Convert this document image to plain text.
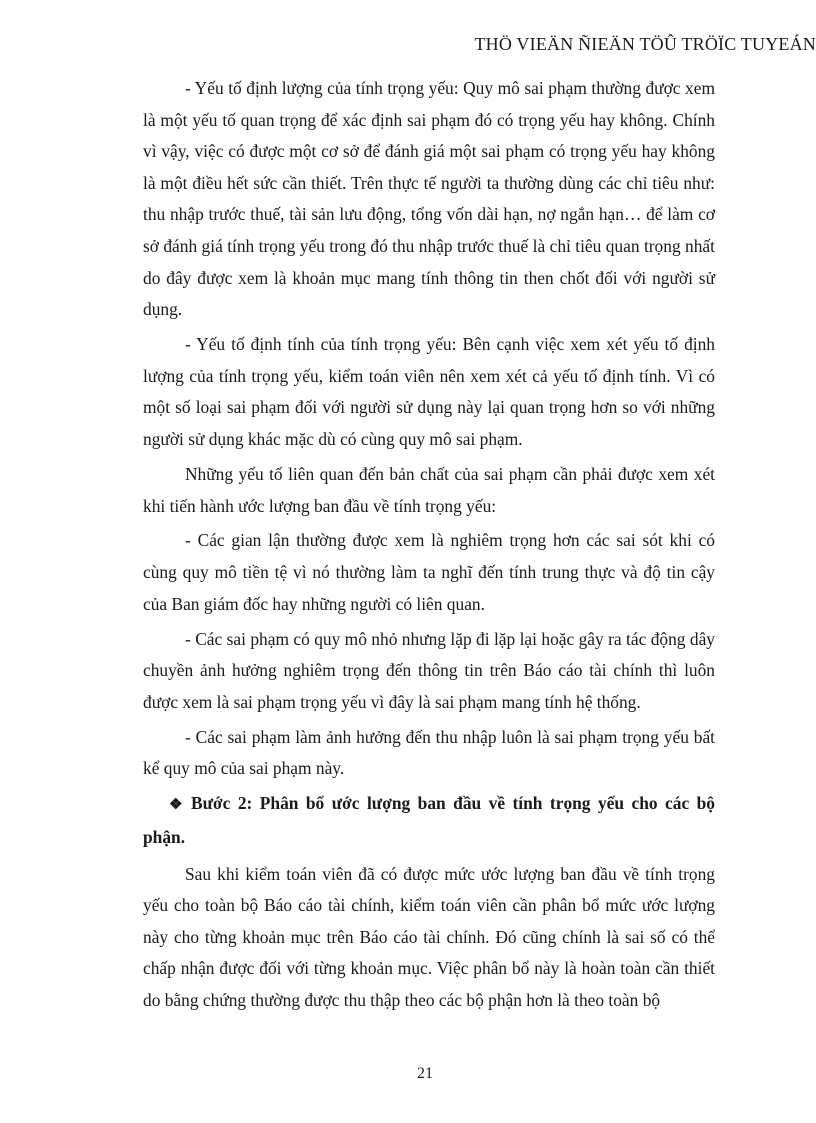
THÖ VIEÄN ÑIEÄN TÖÛ TRÖÏC TUYEÁN

- Yếu tố định lượng của tính trọng yếu: Quy mô sai phạm thường được xem là một yếu tố quan trọng để xác định sai phạm đó có trọng yếu hay không. Chính vì vậy, việc có được một cơ sở để đánh giá một sai phạm có trọng yếu hay không là một điều hết sức cần thiết. Trên thực tế người ta thường dùng các chỉ tiêu như: thu nhập trước thuế, tài sản lưu động, tổng vốn dài hạn, nợ ngắn hạn… để làm cơ sở đánh giá tính trọng yếu trong đó thu nhập trước thuế là chỉ tiêu quan trọng nhất do đây được xem là khoản mục mang tính thông tin then chốt đối với người sử dụng.

- Yếu tố định tính của tính trọng yếu: Bên cạnh việc xem xét yếu tố định lượng của tính trọng yếu, kiểm toán viên nên xem xét cả yếu tố định tính. Vì có một số loại sai phạm đối với người sử dụng này lại quan trọng hơn so với những người sử dụng khác mặc dù có cùng quy mô sai phạm.

Những yếu tố liên quan đến bản chất của sai phạm cần phải được xem xét khi tiến hành ước lượng ban đầu về tính trọng yếu:

- Các gian lận thường được xem là nghiêm trọng hơn các sai sót khi có cùng quy mô tiền tệ vì nó thường làm ta nghĩ đến tính trung thực và độ tin cậy của Ban giám đốc hay những người có liên quan.

- Các sai phạm có quy mô nhỏ nhưng lặp đi lặp lại hoặc gây ra tác động dây chuyền ảnh hưởng nghiêm trọng đến thông tin trên Báo cáo tài chính thì luôn được xem là sai phạm trọng yếu vì đây là sai phạm mang tính hệ thống.

- Các sai phạm làm ảnh hưởng đến thu nhập luôn là sai phạm trọng yếu bất kể quy mô của sai phạm này.

❖ Bước 2: Phân bổ ước lượng ban đầu về tính trọng yếu cho các bộ phận.

Sau khi kiểm toán viên đã có được mức ước lượng ban đầu về tính trọng yếu cho toàn bộ Báo cáo tài chính, kiểm toán viên cần phân bổ mức ước lượng này cho từng khoản mục trên Báo cáo tài chính. Đó cũng chính là sai số có thể chấp nhận được đối với từng khoản mục. Việc phân bổ này là hoàn toàn cần thiết do bằng chứng thường được thu thập theo các bộ phận hơn là theo toàn bộ

21
